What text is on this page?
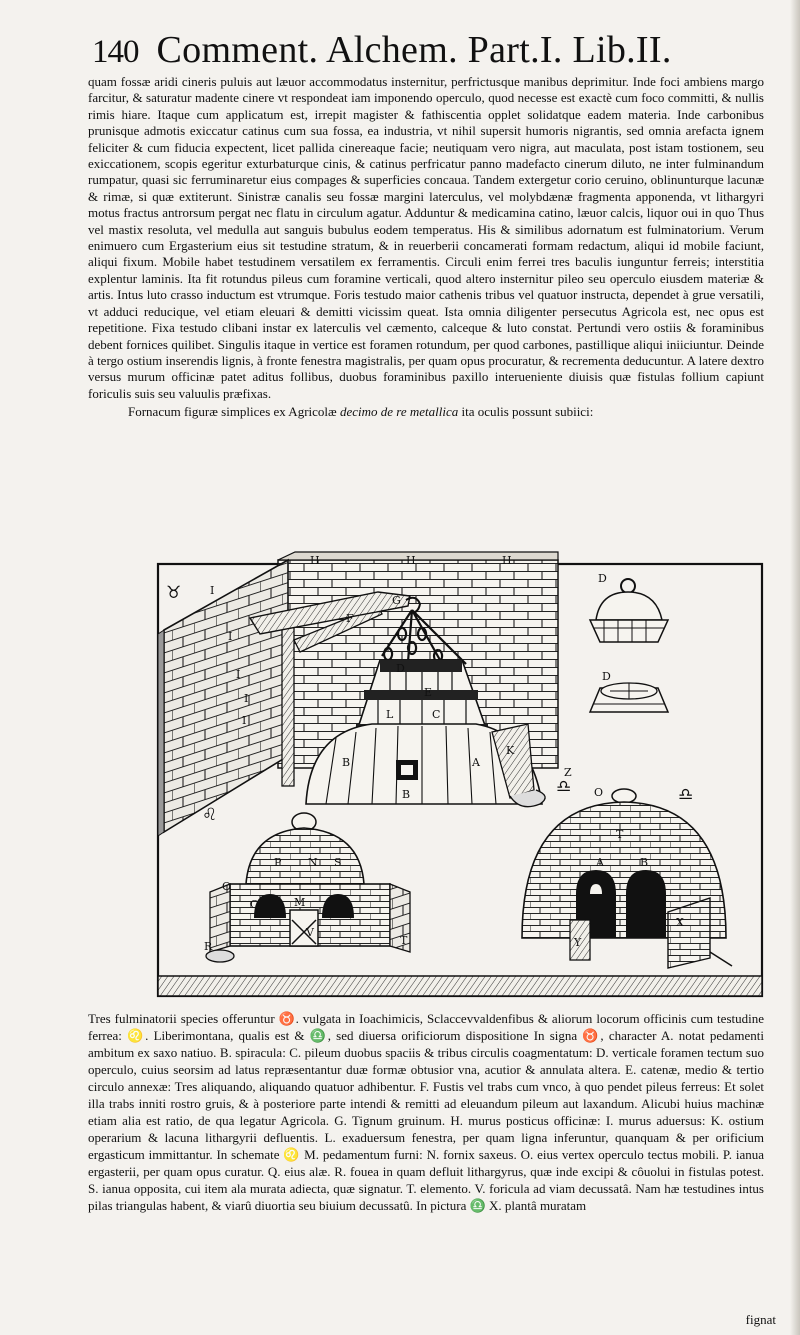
140 Comment. Alchem. Part.I. Lib.II.

quam fossæ aridi cineris puluis aut læuor accommodatus insternitur, perfrictusque manibus deprimitur. Inde foci ambiens margo farcitur, & saturatur madente cinere vt respondeat iam imponendo operculo, quod necesse est exactè cum foco committi, & nullis rimis hiare. Itaque cum applicatum est, irrepit magister & fathiscentia opplet solidatque eadem materia. Inde carbonibus prunisque admotis exiccatur catinus cum sua fossa, ea industria, vt nihil supersit humoris nigrantis, sed omnia arefacta ignem feliciter & cum fiducia expectent, licet pallida cinereaque facie; neutiquam vero nigra, aut maculata, post istam tostionem, seu exiccationem, scopis egeritur exturbaturque cinis, & catinus perfricatur panno madefacto cinerum diluto, ne inter fulminandum rumpatur, quasi sic ferruminaretur eius compages & superficies concaua. Tandem extergetur corio ceruino, oblinunturque lacunæ & rimæ, si quæ extiterunt. Sinistræ canalis seu fossæ margini laterculus, vel molybdænæ fragmenta apponenda, vt lithargyri motus fractus antrorsum pergat nec flatu in circulum agatur. Adduntur & medicamina catino, læuor calcis, liquor oui in quo Thus vel mastix resoluta, vel medulla aut sanguis bubulus eodem temperatus. His & similibus adornatum est fulminatorium. Verum enimuero cum Ergasterium eius sit testudine stratum, & in reuerberii concamerati formam redactum, aliqui id mobile faciunt, aliqui fixum. Mobile habet testudinem versatilem ex ferramentis. Circuli enim ferrei tres baculis iunguntur ferreis; interstitia explentur laminis. Ita fit rotundus pileus cum foramine verticali, quod altero insternitur pileo seu operculo eiusdem materiæ & artis. Intus luto crasso inductum est vtrumque. Foris testudo maior cathenis tribus vel quatuor instructa, dependet à grue versatili, vt adduci reducique, vel etiam eleuari & demitti vicissim queat. Ista omnia diligenter persecutus Agricola est, nec opus est repetitione. Fixa testudo clibani instar ex laterculis vel cæmento, calceque & luto constat. Pertundi vero ostiis & foraminibus debent fornices quilibet. Singulis itaque in vertice est foramen rotundum, per quod carbones, pastillique aliqui iniiciuntur. Deinde à tergo ostium inserendis lignis, à fronte fenestra magistralis, per quam opus procuratur, & recrementa deducuntur. A latere dextro versus murum officinæ patet aditus follibus, duobus foraminibus paxillo interueniente diuisis quæ fistulas follium capiunt foriculis suis seu valuulis præfixas.

Fornacum figuræ simplices ex Agricolæ decimo de re metallica ita oculis possunt subiici:

♉
♌
♎	♎
H	H	H
I
I
I
I
I
D
E
C
L
B	A
B
K
F
G
D
D
O
P N S
Q	M
V
R	T
O
T
A	B
Y
X
Z

Tres fulminatorii species offeruntur ♉. vulgata in Ioachimicis, Sclaccevvaldenfibus & aliorum locorum officinis cum testudine ferrea: ♌. Liberimontana, qualis est & ♎, sed diuersa orificiorum dispositione In signa ♉, character A. notat pedamenti ambitum ex saxo natiuo. B. spiracula: C. pileum duobus spaciis & tribus circulis coagmentatum: D. verticale foramen tectum suo operculo, cuius seorsim ad latus repræsentantur duæ formæ obtusior vna, acutior & annulata altera. E. catenæ, medio & tertio circulo annexæ: Tres aliquando, aliquando quatuor adhibentur. F. Fustis vel trabs cum vnco, à quo pendet pileus ferreus: Et solet illa trabs inniti rostro gruis, & à posteriore parte intendi & remitti ad eleuandum pileum aut laxandum. Alicubi huius machinæ etiam alia est ratio, de qua legatur Agricola. G. Tignum gruinum. H. murus posticus officinæ: I. murus aduersus: K. ostium operarium & lacuna lithargyrii defluentis. L. exaduersum fenestra, per quam ligna inferuntur, quanquam & per orificium ergasticum immittantur. In schemate ♌ M. pedamentum furni: N. fornix saxeus. O. eius vertex operculo tectus mobili. P. ianua ergasterii, per quam opus curatur. Q. eius alæ. R. fouea in quam defluit lithargyrus, quæ inde excipi & côuolui in fistulas potest. S. ianua opposita, cui item ala murata adiecta, quæ signatur. T. elemento. V. foricula ad viam decussatâ. Nam hæ testudines intus pilas triangulas habent, & viarû diuortia seu biuium decussatû. In pictura ♎ X. plantâ muratam

fignat
